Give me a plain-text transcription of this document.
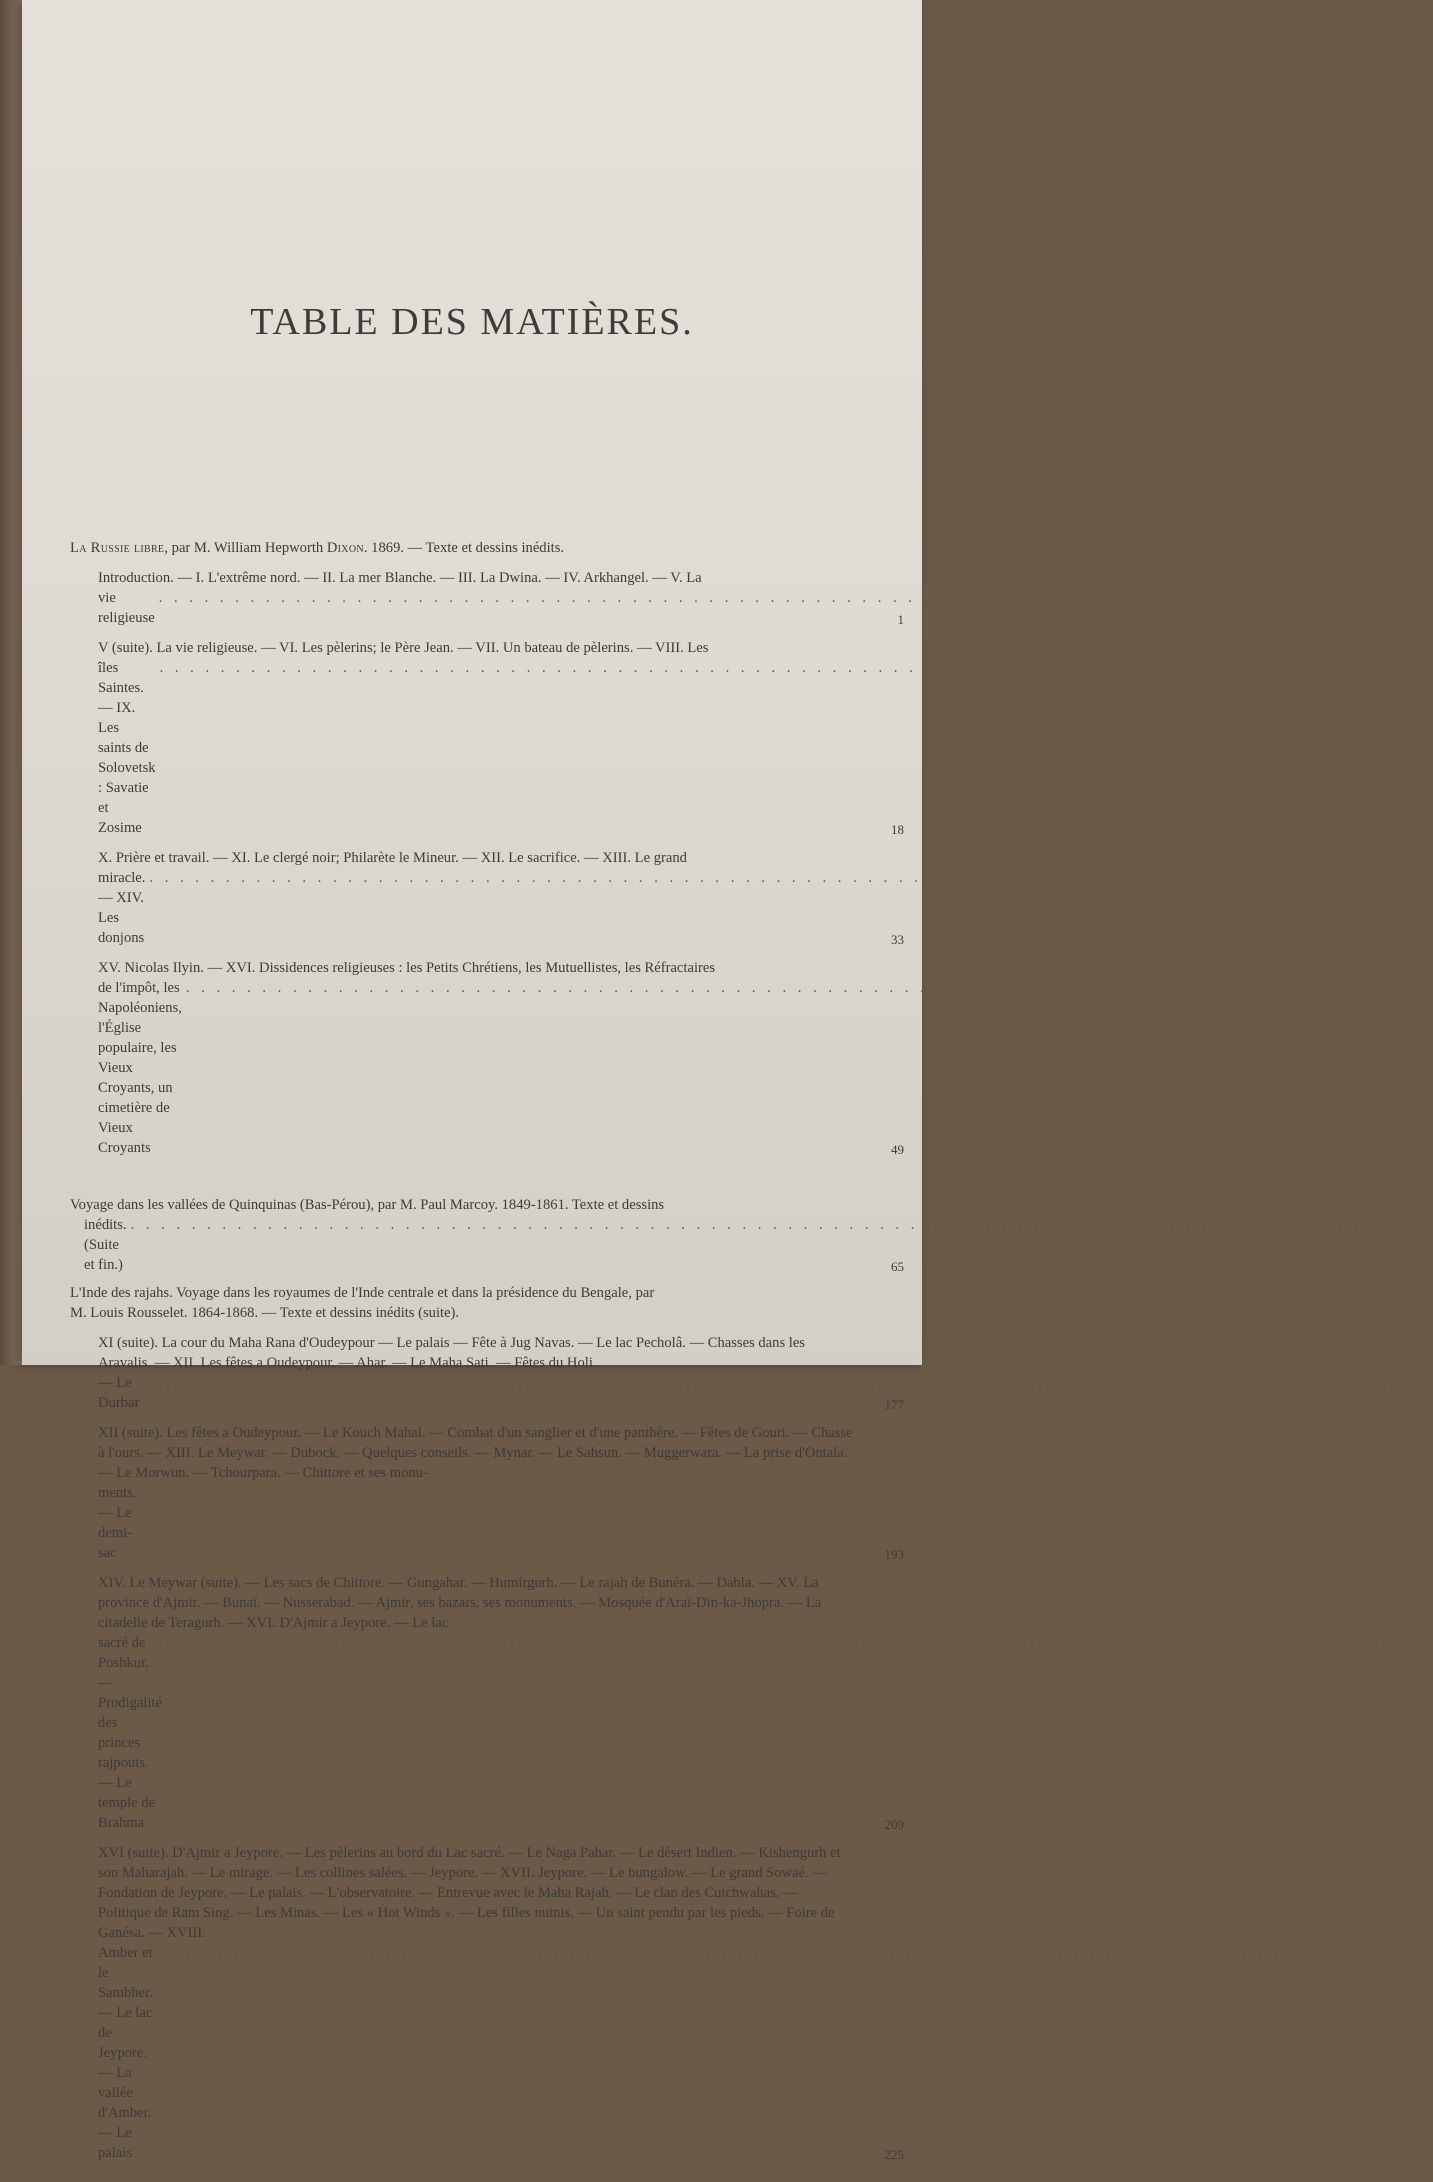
TABLE DES MATIÈRES.
La Russie libre, par M. William Hepworth Dixon. 1869. — Texte et dessins inédits.
Introduction. — I. L'extrême nord. — II. La mer Blanche. — III. La Dwina. — IV. Arkhangel. — V. La
vie religieuse
. . . . . . . . . . . . . . . . . . . . . . . . . . . . . . . . . . . . . . . . . . . . . . . . . . . . . . . . . . . . . . . . . . . . . . . . . . . . . . . . . .
1
V (suite). La vie religieuse. — VI. Les pèlerins; le Père Jean. — VII. Un bateau de pèlerins. — VIII. Les
îles Saintes. — IX. Les saints de Solovetsk : Savatie et Zosime
. . . . . . . . . . . . . . . . . . . . . . . . . . . . . . . . . . . . . . . . . . . . . . . . . . . . . . . . . . . . . . . . . . . . . . . . . . . . . . . . . .
18
X. Prière et travail. — XI. Le clergé noir; Philarète le Mineur. — XII. Le sacrifice. — XIII. Le grand
miracle. — XIV. Les donjons
. . . . . . . . . . . . . . . . . . . . . . . . . . . . . . . . . . . . . . . . . . . . . . . . . . . . . . . . . . . . . . . . . . . . . . . . . . . . . . . . . .
33
XV. Nicolas Ilyin. — XVI. Dissidences religieuses : les Petits Chrétiens, les Mutuellistes, les Réfractaires
de l'impôt, les Napoléoniens, l'Église populaire, les Vieux Croyants, un cimetière de Vieux Croyants
. . . . . . . . . . . . . . . . . . . . . . . . . . . . . . . . . . . . . . . . . . . . . . . . . . . . . . . . . . . . . . . . . . . . . . . . . . . . . . . . . .
49
Voyage dans les vallées de Quinquinas (Bas-Pérou), par M. Paul Marcoy. 1849-1861. Texte et dessins
inédits. (Suite et fin.)
. . . . . . . . . . . . . . . . . . . . . . . . . . . . . . . . . . . . . . . . . . . . . . . . . . . . . . . . . . . . . . . . . . . . . . . . . . . . . . . . . .
65
L'Inde des rajahs. Voyage dans les royaumes de l'Inde centrale et dans la présidence du Bengale, par
M. Louis Rousselet. 1864-1868. — Texte et dessins inédits (suite).
XI (suite). La cour du Maha Rana d'Oudeypour — Le palais — Fête à Jug Navas. — Le lac Pecholâ. — Chasses dans les Aravalis. — XII. Les fêtes a Oudeypour. — Ahar. — Le Maha Sati. — Fêtes du Holi.
— Le Durbar
. . . . . . . . . . . . . . . . . . . . . . . . . . . . . . . . . . . . . . . . . . . . . . . . . . . . . . . . . . . . . . . . . . . . . . . . . . . . . . . . . .
177
XII (suite). Les fêtes a Oudeypour. — Le Kouch Mahal. — Combat d'un sanglier et d'une panthère. — Fêtes de Gouri. — Chasse à l'ours. — XIII. Le Meywar. — Dubock. — Quelques conseils. — Mynar. — Le Sahsun. — Muggerwara. — La prise d'Ontala. — Le Morwun. — Tchourpara. — Chittore et ses monu-
ments. — Le demi-sac
. . . . . . . . . . . . . . . . . . . . . . . . . . . . . . . . . . . . . . . . . . . . . . . . . . . . . . . . . . . . . . . . . . . . . . . . . . . . . . . . . .
193
XIV. Le Meywar (suite). — Les sacs de Chittore. — Gungahar. — Humirgurh. — Le rajah de Bunéra. — Dabla. — XV. La province d'Ajmir. — Bunaï. — Nusserabad. — Ajmir, ses bazars, ses monuments. — Mosquée d'Araï-Dïn-ka-Jhopra. — La citadelle de Teragurh. — XVI. D'Ajmir a Jeypore. — Le lac
sacré de Poshkur. — Prodigalité des princes rajpouts. — Le temple de Brahma
. . . . . . . . . . . . . . . . . . . . . . . . . . . . . . . . . . . . . . . . . . . . . . . . . . . . . . . . . . . . . . . . . . . . . . . . . . . . . . . . . .
209
XVI (suite). D'Ajmir a Jeypore. — Les pèlerins au bord du Lac sacré. — Le Naga Pahar. — Le désert Indien. — Kishengurh et son Maharajah. — Le mirage. — Les collines salées. — Jeypore. — XVII. Jeypore. — Le bungalow. — Le grand Sowaé. — Fondation de Jeypore. — Le palais. — L'observatoire. — Entrevue avec le Maha Rajah. — Le clan des Cutchwahas. — Politique de Ram Sing. — Les Minas. — Les « Hot Winds ». — Les filles nutnis. — Un saint pendu par les pieds. — Foire de Ganésa. — XVIII.
Amber et le Sambher. — Le lac de Jeypore. — La vallée d'Amber. — Le palais
. . . . . . . . . . . . . . . . . . . . . . . . . . . . . . . . . . . . . . . . . . . . . . . . . . . . . . . . . . . . . . . . . . . . . . . . . . . . . . . . . .
225
